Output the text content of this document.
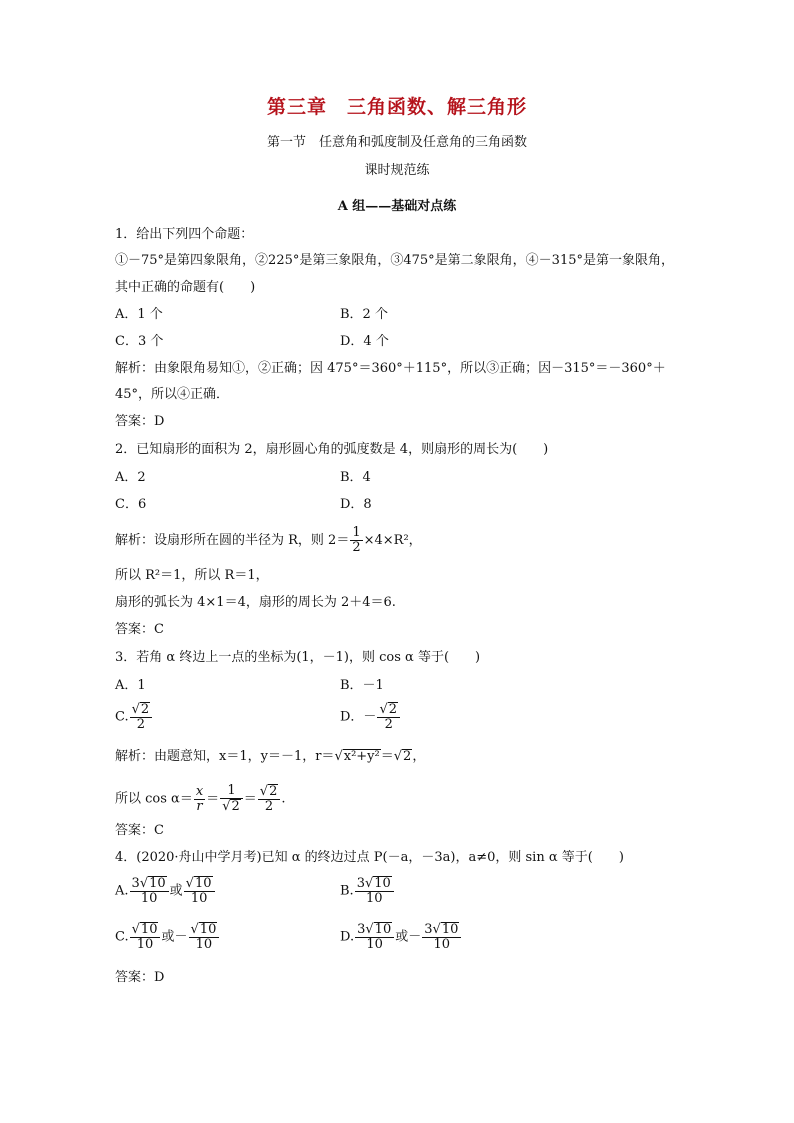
第三章　三角函数、解三角形
第一节　任意角和弧度制及任意角的三角函数
课时规范练
A 组——基础对点练
1．给出下列四个命题：
①－75°是第四象限角，②225°是第三象限角，③475°是第二象限角，④－315°是第一象限角，
其中正确的命题有(　　)
A．1 个	B．2 个
C．3 个	D．4 个
解析：由象限角易知①，②正确；因 475°＝360°＋115°，所以③正确；因－315°＝－360°＋
45°，所以④正确．
答案：D
2．已知扇形的面积为 2，扇形圆心角的弧度数是 4，则扇形的周长为(　　)
A．2	B．4
C．6	D．8
解析：设扇形所在圆的半径为 R，则 $2= \frac{1}{2} \times 4\times R^2$，
所以 R²＝1，所以 R＝1，
扇形的弧长为 4×1＝4，扇形的周长为 2＋4＝6.
答案：C
3．若角 α 终边上一点的坐标为(1，－1)，则 cos α 等于(　　)
A．1	B．－1
C. $\frac{√2}{2}$	D．－ $\frac{√2}{2}$
解析：由题意知，x＝1，y＝－1，r＝√x²+y²＝√2，
所以 $\cos \alpha= \frac{x}{r} = \frac{1}{√2} = \frac{√2}{2}$ .
答案：C
4．(2020·舟山中学月考)已知 α 的终边过点 P(－a，－3a)，a≠0，则 sin α 等于(　　)
A. $\frac{3√10}{10}$ 或 $\frac{√10}{10}$	B. $\frac{3√10}{10}$
C. $\frac{√10}{10}$ 或－ $\frac{√10}{10}$	D. $\frac{3√10}{10}$ 或－ $\frac{3√10}{10}$
答案：D
